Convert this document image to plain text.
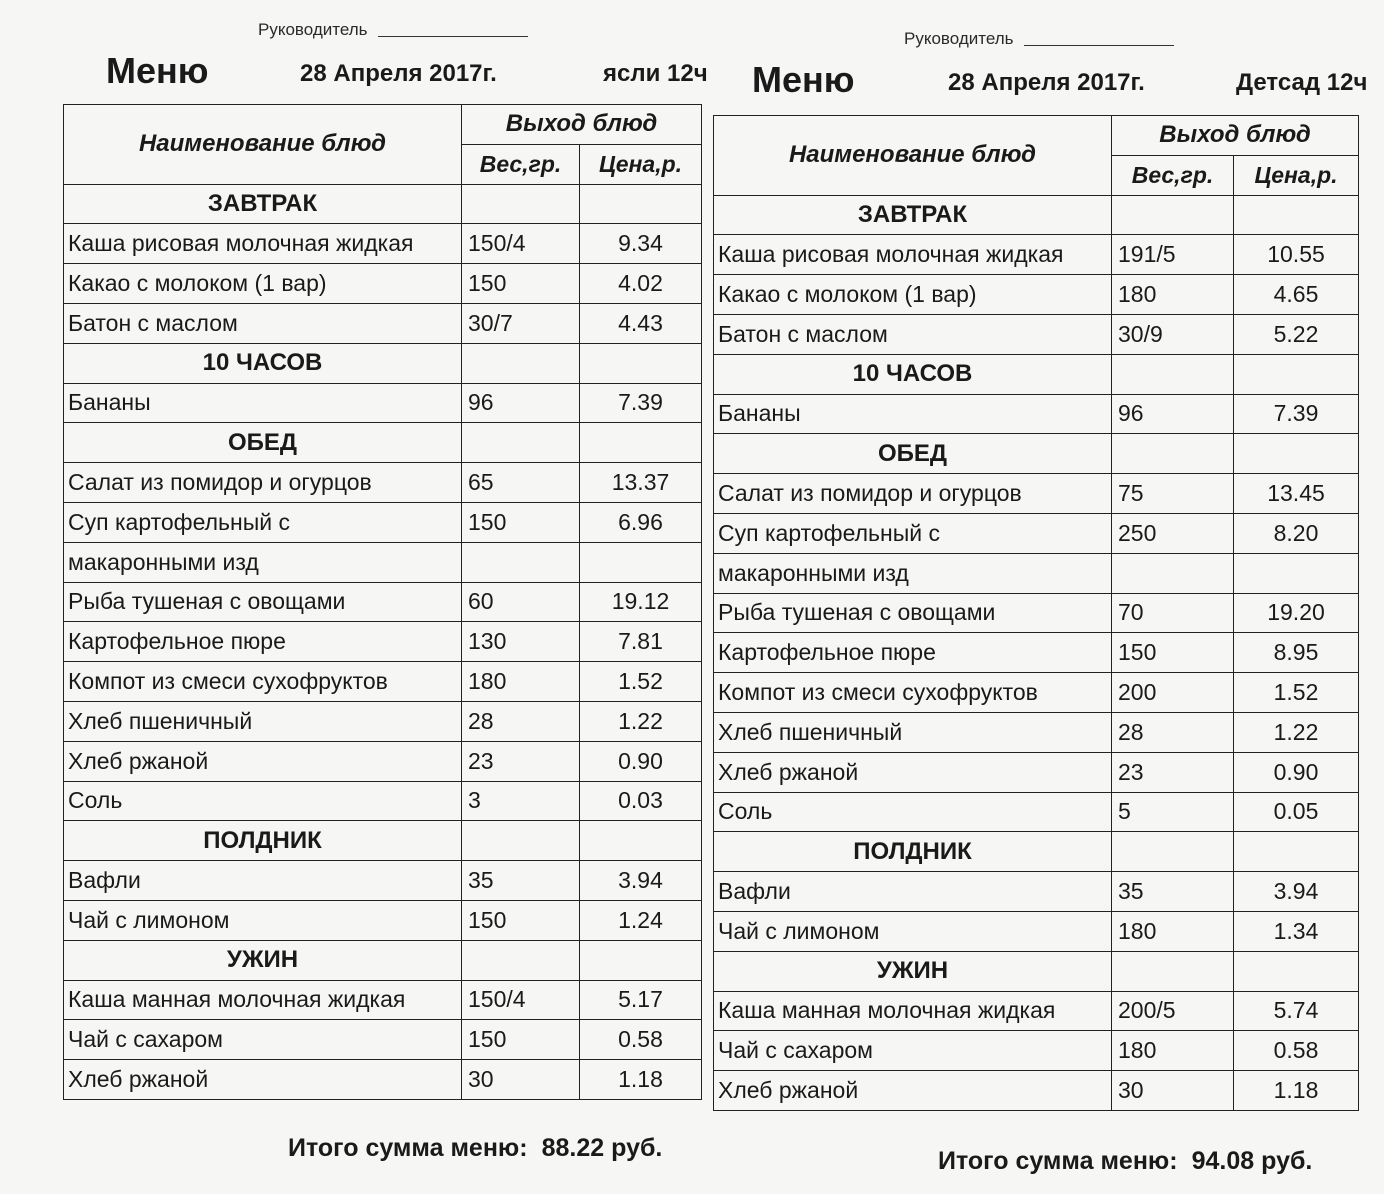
Руководитель
Меню	28 Апреля 2017г.	ясли 12ч
Наименование блюд	Выход блюд	
	Вес,гр.	Цена,р.
ЗАВТРАК		
Каша рисовая молочная жидкая	150/4	9.34
Какао с молоком (1 вар)	150	4.02
Батон с маслом	30/7	4.43
10 ЧАСОВ		
Бананы	96	7.39
ОБЕД		
Салат из помидор и огурцов	65	13.37
Суп картофельный с	150	6.96
макаронными изд		
Рыба тушеная с овощами	60	19.12
Картофельное пюре	130	7.81
Компот из смеси сухофруктов	180	1.52
Хлеб пшеничный	28	1.22
Хлеб ржаной	23	0.90
Соль	3	0.03
ПОЛДНИК		
Вафли	35	3.94
Чай с лимоном	150	1.24
УЖИН		
Каша манная молочная жидкая	150/4	5.17
Чай с сахаром	150	0.58
Хлеб ржаной	30	1.18
Итого сумма меню: 88.22 руб.
Руководитель
Меню	28 Апреля 2017г.	Детсад 12ч
Наименование блюд	Выход блюд	
	Вес,гр.	Цена,р.
ЗАВТРАК		
Каша рисовая молочная жидкая	191/5	10.55
Какао с молоком (1 вар)	180	4.65
Батон с маслом	30/9	5.22
10 ЧАСОВ		
Бананы	96	7.39
ОБЕД		
Салат из помидор и огурцов	75	13.45
Суп картофельный с	250	8.20
макаронными изд		
Рыба тушеная с овощами	70	19.20
Картофельное пюре	150	8.95
Компот из смеси сухофруктов	200	1.52
Хлеб пшеничный	28	1.22
Хлеб ржаной	23	0.90
Соль	5	0.05
ПОЛДНИК		
Вафли	35	3.94
Чай с лимоном	180	1.34
УЖИН		
Каша манная молочная жидкая	200/5	5.74
Чай с сахаром	180	0.58
Хлеб ржаной	30	1.18
Итого сумма меню: 94.08 руб.
